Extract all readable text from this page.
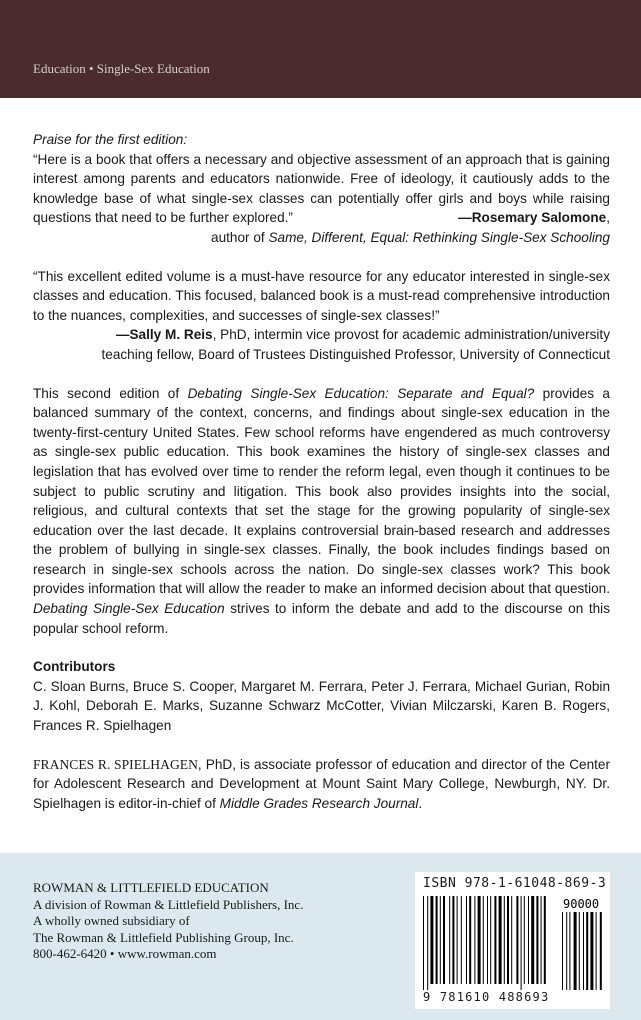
Education • Single-Sex Education

Praise for the first edition:

“Here is a book that offers a necessary and objective assessment of an approach that is gaining interest among parents and educators nationwide. Free of ideology, it cautiously adds to the knowledge base of what single-sex classes can potentially offer girls and boys while raising questions that need to be further explored.”	—Rosemary Salomone,

author of Same, Different, Equal: Rethinking Single-Sex Schooling

“This excellent edited volume is a must-have resource for any educator interested in single-sex classes and education. This focused, balanced book is a must-read comprehensive introduction to the nuances, complexities, and successes of single-sex classes!”

—Sally M. Reis, PhD, intermin vice provost for academic administration/university

teaching fellow, Board of Trustees Distinguished Professor, University of Connecticut

This second edition of Debating Single-Sex Education: Separate and Equal? provides a balanced summary of the context, concerns, and findings about single-sex education in the twenty-first-century United States. Few school reforms have engendered as much controversy as single-sex public education. This book examines the history of single-sex classes and legislation that has evolved over time to render the reform legal, even though it continues to be subject to public scrutiny and litigation. This book also provides insights into the social, religious, and cultural contexts that set the stage for the growing popularity of single-sex education over the last decade. It explains controversial brain-based research and addresses the problem of bullying in single-sex classes. Finally, the book includes findings based on research in single-sex schools across the nation. Do single-sex classes work? This book provides information that will allow the reader to make an informed decision about that question. Debating Single-Sex Education strives to inform the debate and add to the discourse on this popular school reform.

Contributors

C. Sloan Burns, Bruce S. Cooper, Margaret M. Ferrara, Peter J. Ferrara, Michael Gurian, Robin J. Kohl, Deborah E. Marks, Suzanne Schwarz McCotter, Vivian Milczarski, Karen B. Rogers, Frances R. Spielhagen

FRANCES R. SPIELHAGEN, PhD, is associate professor of education and director of the Center for Adolescent Research and Development at Mount Saint Mary College, Newburgh, NY. Dr. Spielhagen is editor-in-chief of Middle Grades Research Journal.

ROWMAN & LITTLEFIELD EDUCATION
A division of Rowman & Littlefield Publishers, Inc.
A wholly owned subsidiary of
The Rowman & Littlefield Publishing Group, Inc.
800-462-6420 • www.rowman.com
ISBN 978-1-61048-869-3
90000
9 781610 488693
